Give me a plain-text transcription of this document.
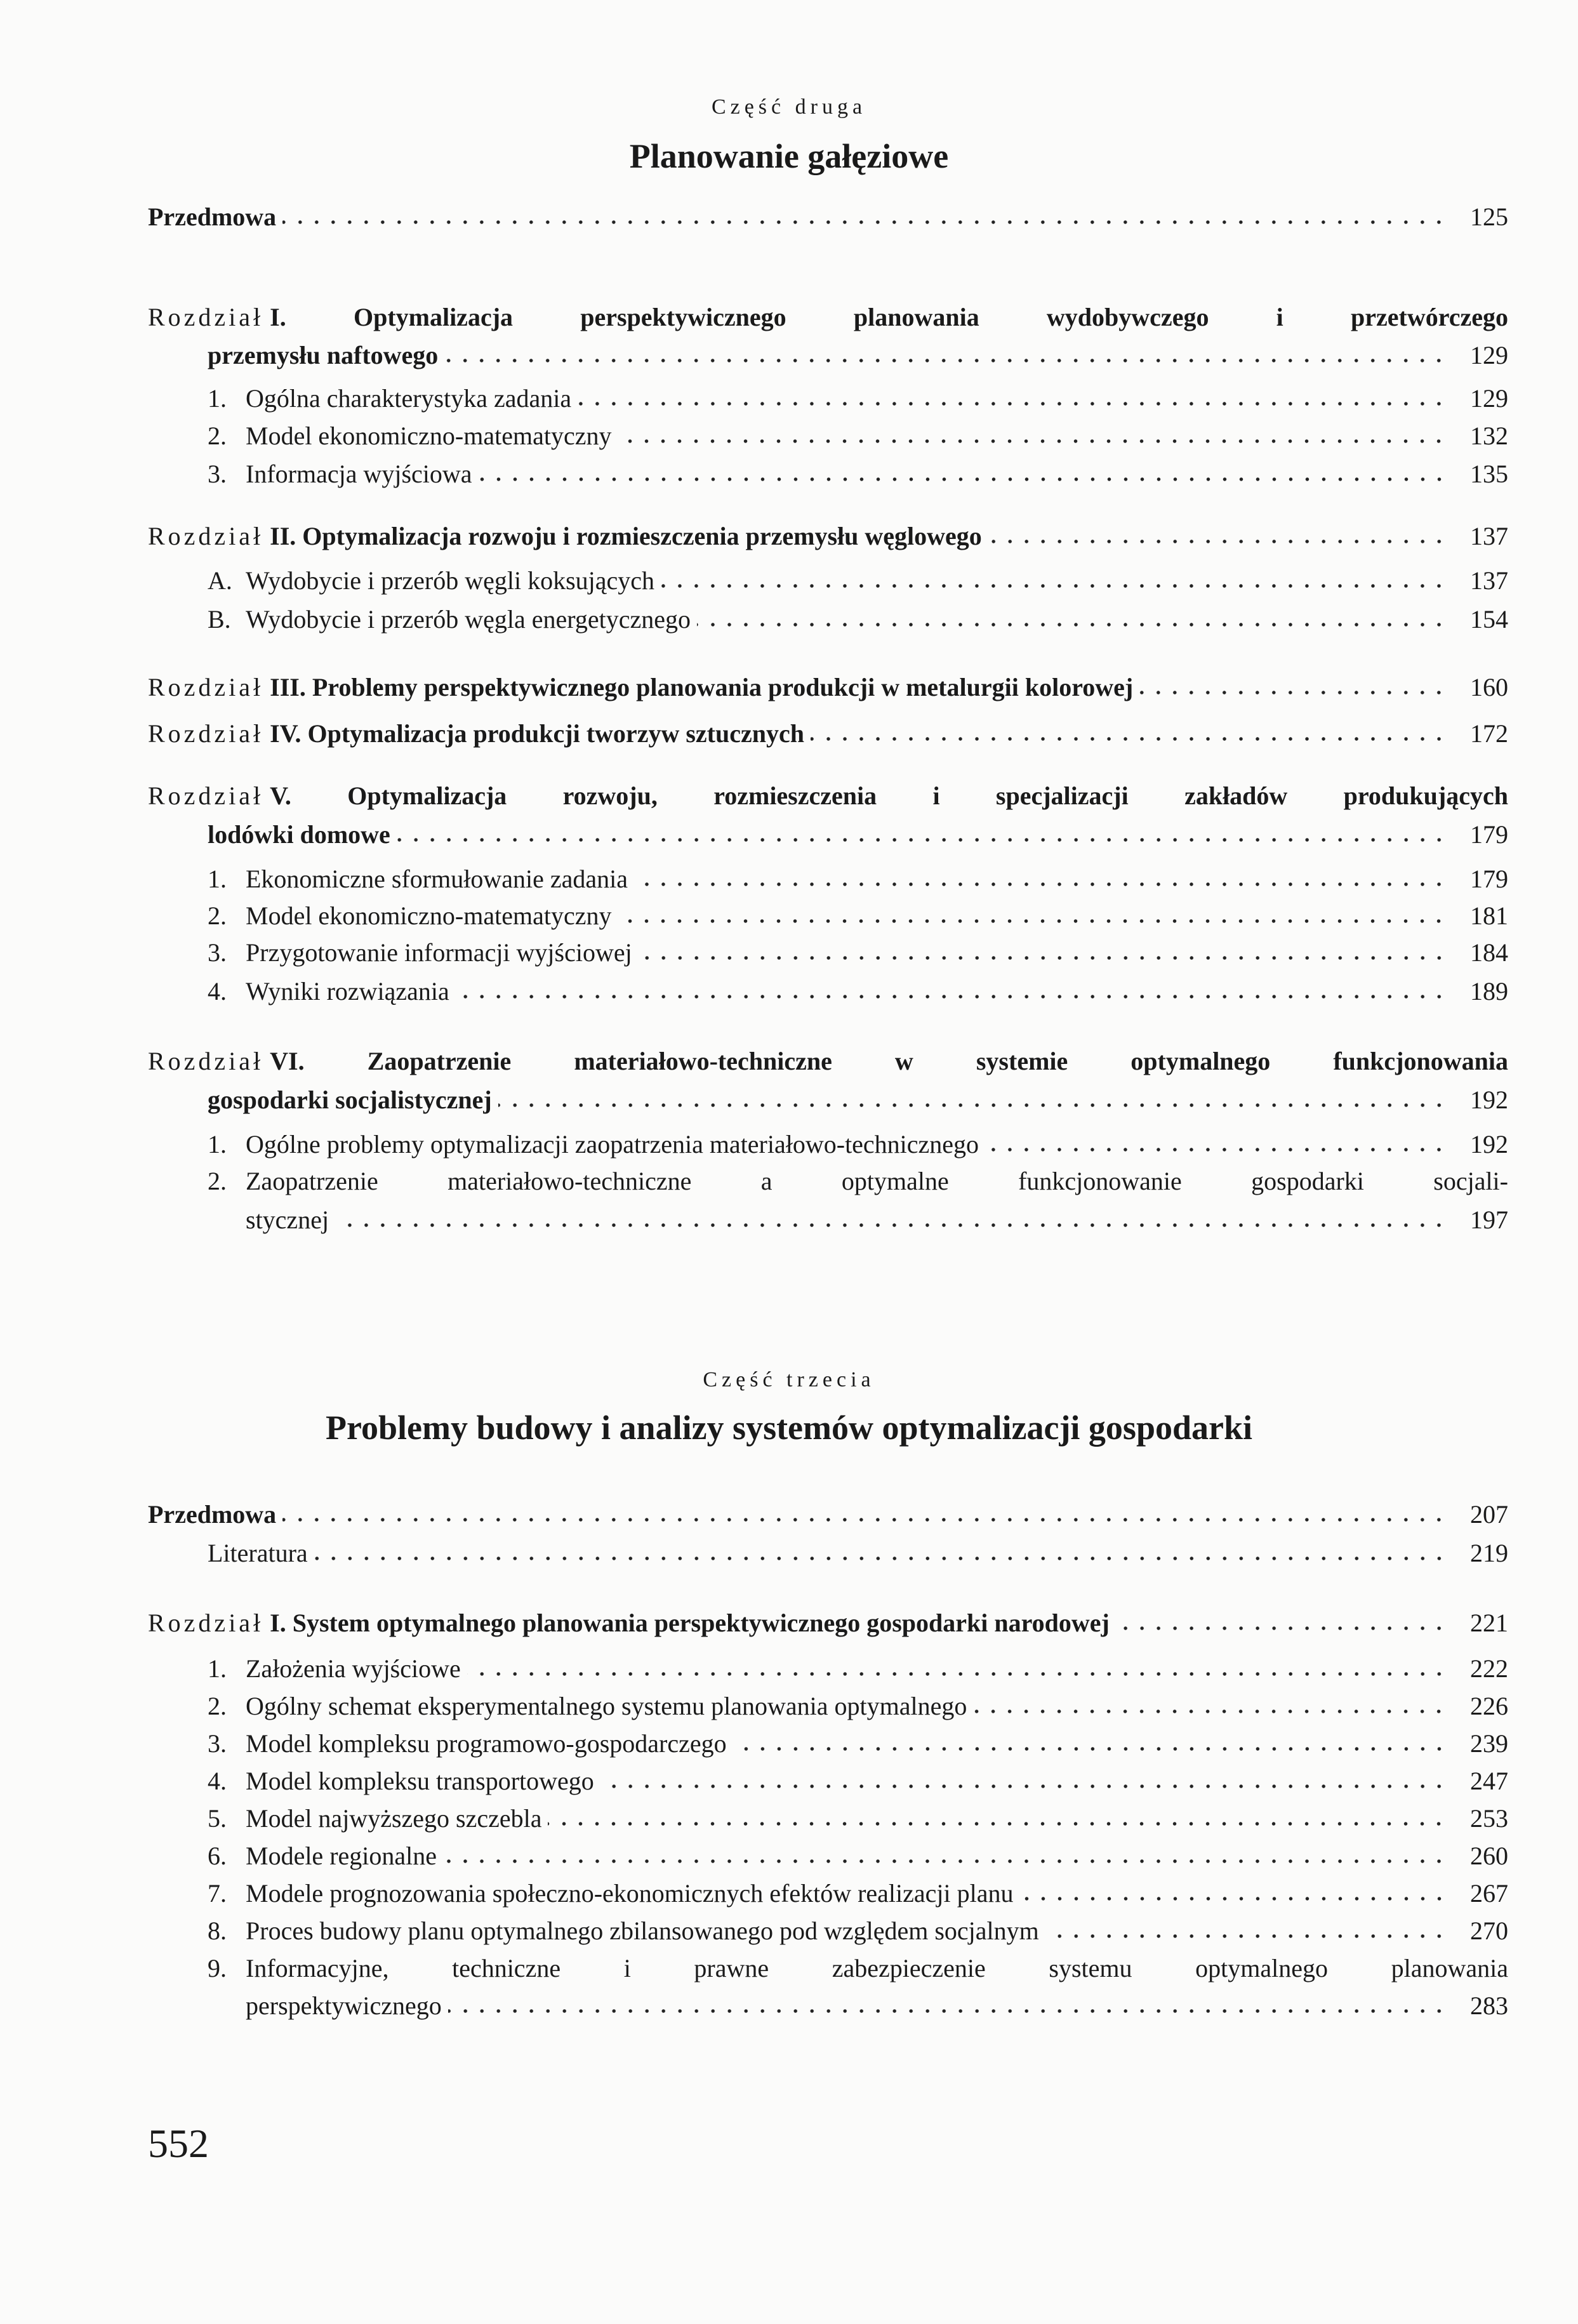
Część druga
Planowanie gałęziowe
Przedmowa	125
Rozdział I. Optymalizacja perspektywicznego planowania wydobywczego i przetwórczego
przemysłu naftowego	129
1. Ogólna charakterystyka zadania	129
2. Model ekonomiczno-matematyczny	132
3. Informacja wyjściowa	135
Rozdział II. Optymalizacja rozwoju i rozmieszczenia przemysłu węglowego	137
A. Wydobycie i przerób węgli koksujących	137
B. Wydobycie i przerób węgla energetycznego	154
Rozdział III. Problemy perspektywicznego planowania produkcji w metalurgii kolorowej	160
Rozdział IV. Optymalizacja produkcji tworzyw sztucznych	172
Rozdział V. Optymalizacja rozwoju, rozmieszczenia i specjalizacji zakładów produkujących
lodówki domowe	179
1. Ekonomiczne sformułowanie zadania	179
2. Model ekonomiczno-matematyczny	181
3. Przygotowanie informacji wyjściowej	184
4. Wyniki rozwiązania	189
Rozdział VI. Zaopatrzenie materiałowo-techniczne w systemie optymalnego funkcjonowania
gospodarki socjalistycznej	192
1. Ogólne problemy optymalizacji zaopatrzenia materiałowo-technicznego	192
2. Zaopatrzenie materiałowo-techniczne a optymalne funkcjonowanie gospodarki socjali-
stycznej	197
Część trzecia
Problemy budowy i analizy systemów optymalizacji gospodarki
Przedmowa	207
Literatura	219
Rozdział I. System optymalnego planowania perspektywicznego gospodarki narodowej	221
1. Założenia wyjściowe	222
2. Ogólny schemat eksperymentalnego systemu planowania optymalnego	226
3. Model kompleksu programowo-gospodarczego	239
4. Model kompleksu transportowego	247
5. Model najwyższego szczebla	253
6. Modele regionalne	260
7. Modele prognozowania społeczno-ekonomicznych efektów realizacji planu	267
8. Proces budowy planu optymalnego zbilansowanego pod względem socjalnym	270
9. Informacyjne, techniczne i prawne zabezpieczenie systemu optymalnego planowania
perspektywicznego	283
552
